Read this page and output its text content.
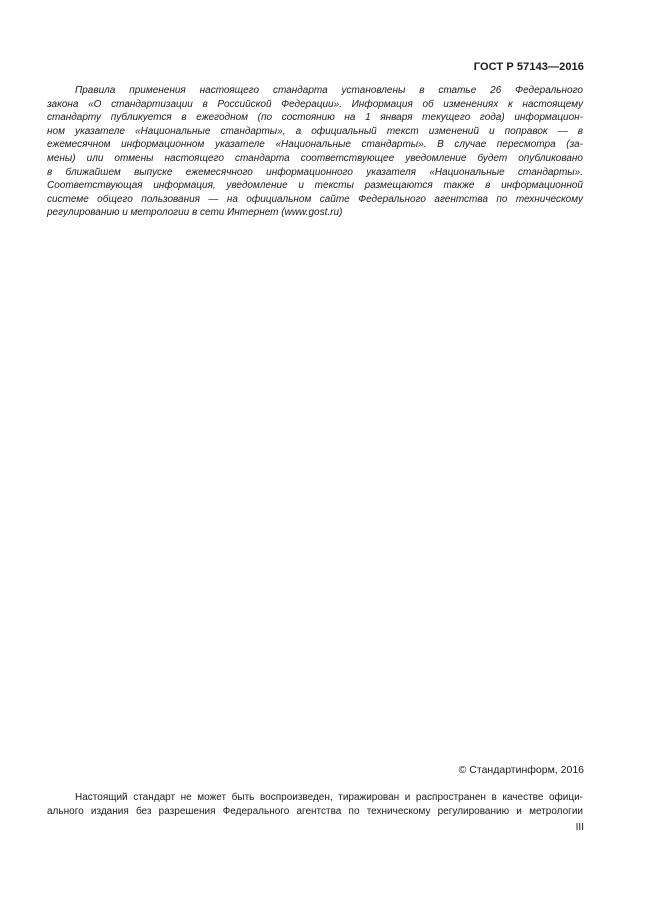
ГОСТ Р 57143—2016
Правила применения настоящего стандарта установлены в статье 26 Федерального
закона «О стандартизации в Российской Федерации». Информация об изменениях к настоящему
стандарту публикуется в ежегодном (по состоянию на 1 января текущего года) информацион-
ном указателе «Национальные стандарты», а официальный текст изменений и поправок — в
ежемесячном информационном указателе «Национальные стандарты». В случае пересмотра (за-
мены) или отмены настоящего стандарта соответствующее уведомление будет опубликовано
в ближайшем выпуске ежемесячного информационного указателя «Национальные стандарты».
Соответствующая информация, уведомление и тексты размещаются также в информационной
системе общего пользования — на официальном сайте Федерального агентства по техническому
регулированию и метрологии в сети Интернет (www.gost.ru)
© Стандартинформ, 2016
Настоящий стандарт не может быть воспроизведен, тиражирован и распространен в качестве офици-
ального издания без разрешения Федерального агентства по техническому регулированию и метрологии
III
